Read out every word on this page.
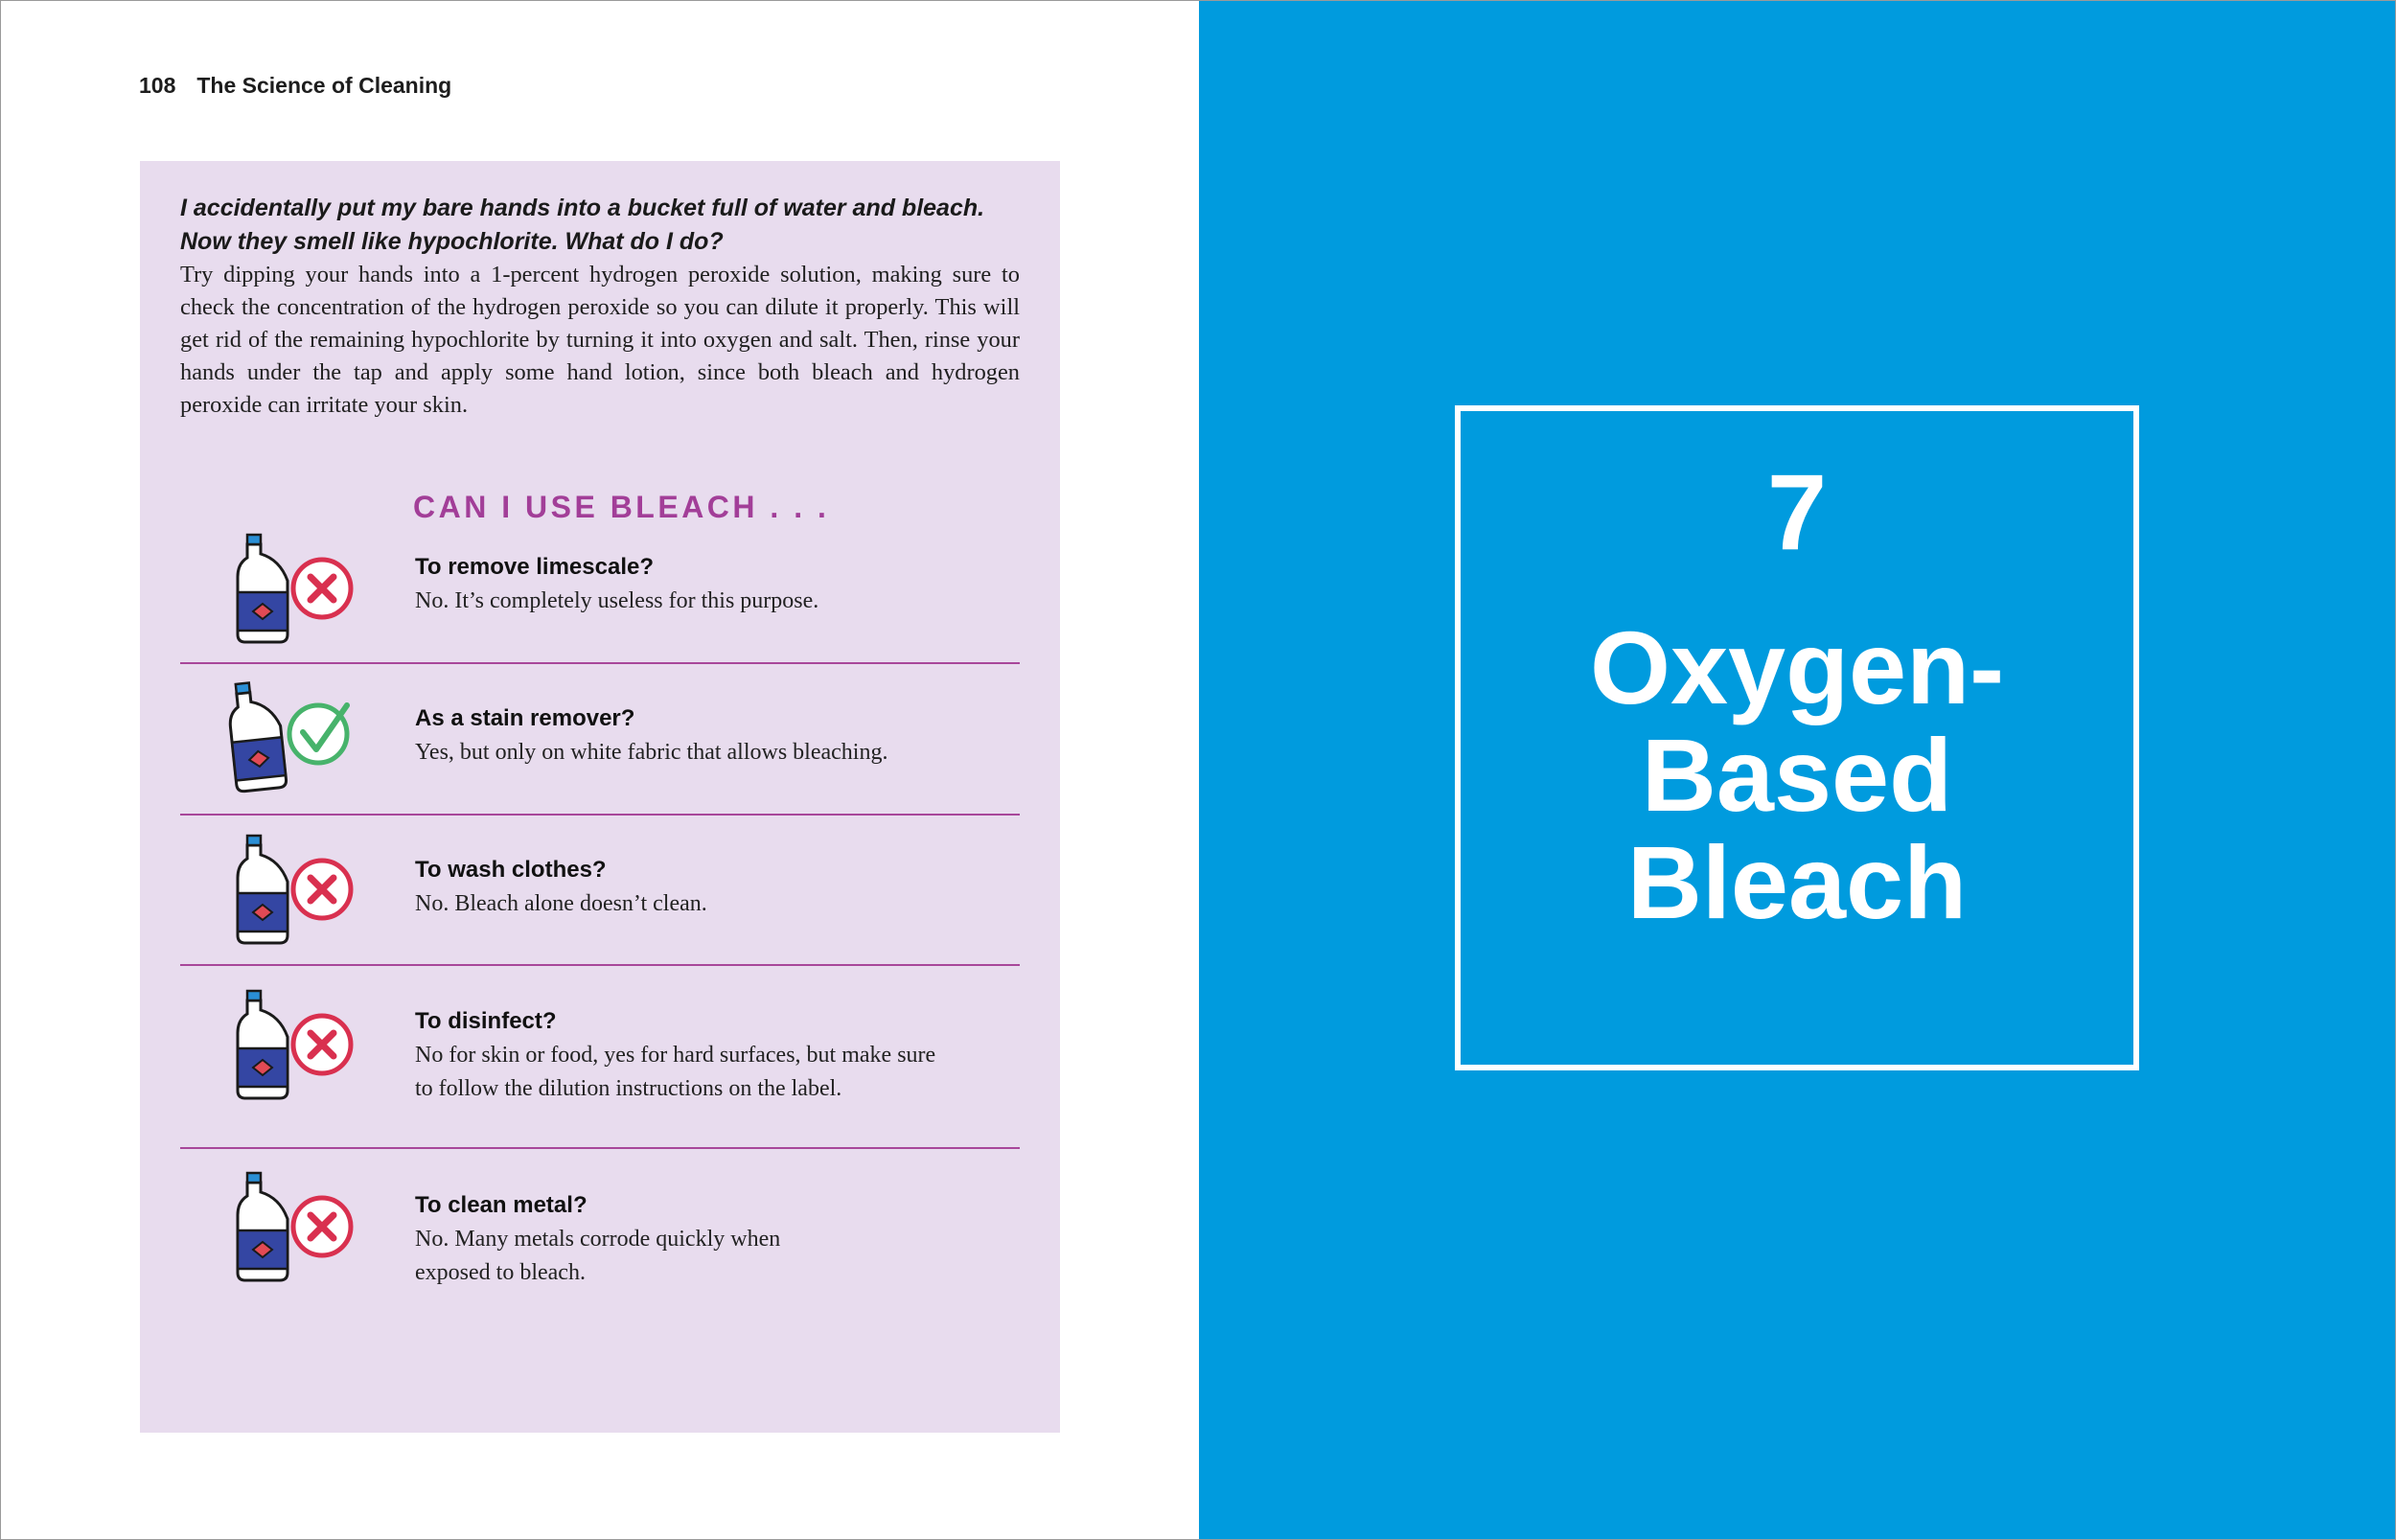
108 The Science of Cleaning
I accidentally put my bare hands into a bucket full of water and bleach.
Now they smell like hypochlorite. What do I do?
Try dipping your hands into a 1-percent hydrogen peroxide solution, making sure to check the concentration of the hydrogen peroxide so you can dilute it properly. This will get rid of the remaining hypochlorite by turning it into oxygen and salt. Then, rinse your hands under the tap and apply some hand lotion, since both bleach and hydrogen peroxide can irritate your skin.
CAN I USE BLEACH . . .
To remove limescale?
No. It’s completely useless for this purpose.
As a stain remover?
Yes, but only on white fabric that allows bleaching.
To wash clothes?
No. Bleach alone doesn’t clean.
To disinfect?
No for skin or food, yes for hard surfaces, but make sure to follow the dilution instructions on the label.
To clean metal?
No. Many metals corrode quickly when exposed to bleach.
7
Oxygen-
Based
Bleach
